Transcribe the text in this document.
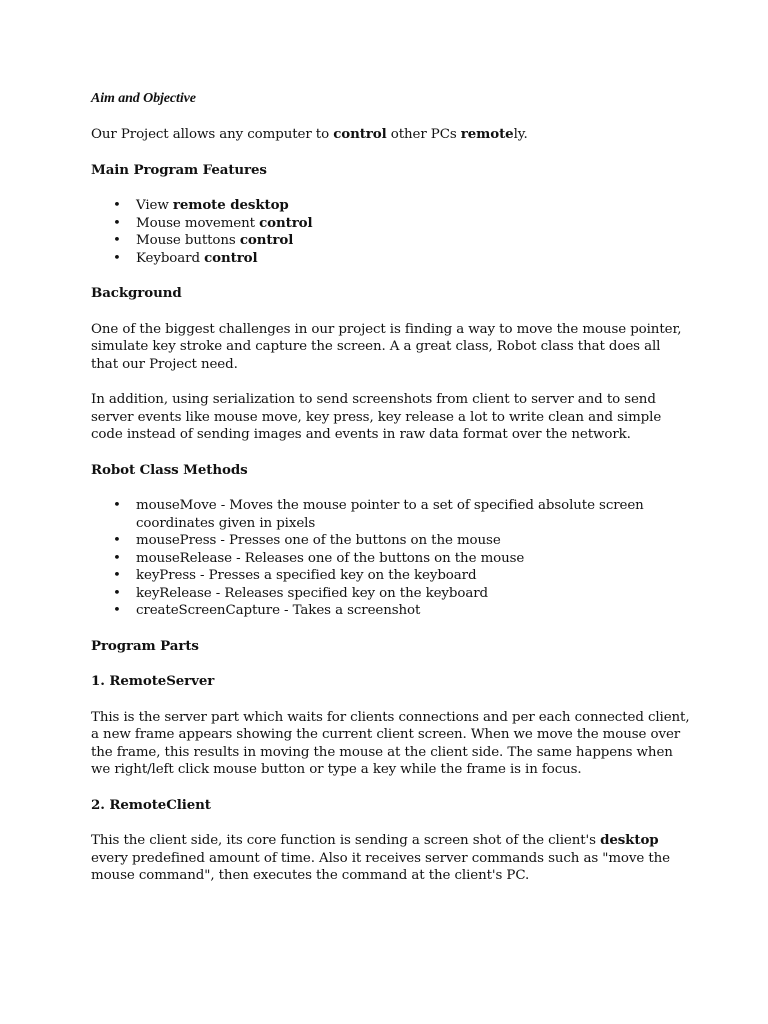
Aim and Objective

Our Project allows any computer to control other PCs remotely.

Main Program Features
• View remote desktop
• Mouse movement control
• Mouse buttons control
• Keyboard control
Background

One of the biggest challenges in our project is finding a way to move the mouse pointer, simulate key stroke and capture the screen. A a great class, Robot class that does all that our Project need.

In addition, using serialization to send screenshots from client to server and to send server events like mouse move, key press, key release a lot to write clean and simple code instead of sending images and events in raw data format over the network.

Robot Class Methods
• mouseMove - Moves the mouse pointer to a set of specified absolute screen coordinates given in pixels
• mousePress - Presses one of the buttons on the mouse
• mouseRelease - Releases one of the buttons on the mouse
• keyPress - Presses a specified key on the keyboard
• keyRelease - Releases specified key on the keyboard
• createScreenCapture - Takes a screenshot
Program Parts
1. RemoteServer

This is the server part which waits for clients connections and per each connected client, a new frame appears showing the current client screen. When we move the mouse over the frame, this results in moving the mouse at the client side. The same happens when we right/left click mouse button or type a key while the frame is in focus.

2. RemoteClient

This the client side, its core function is sending a screen shot of the client's desktop every predefined amount of time. Also it receives server commands such as "move the mouse command", then executes the command at the client's PC.
